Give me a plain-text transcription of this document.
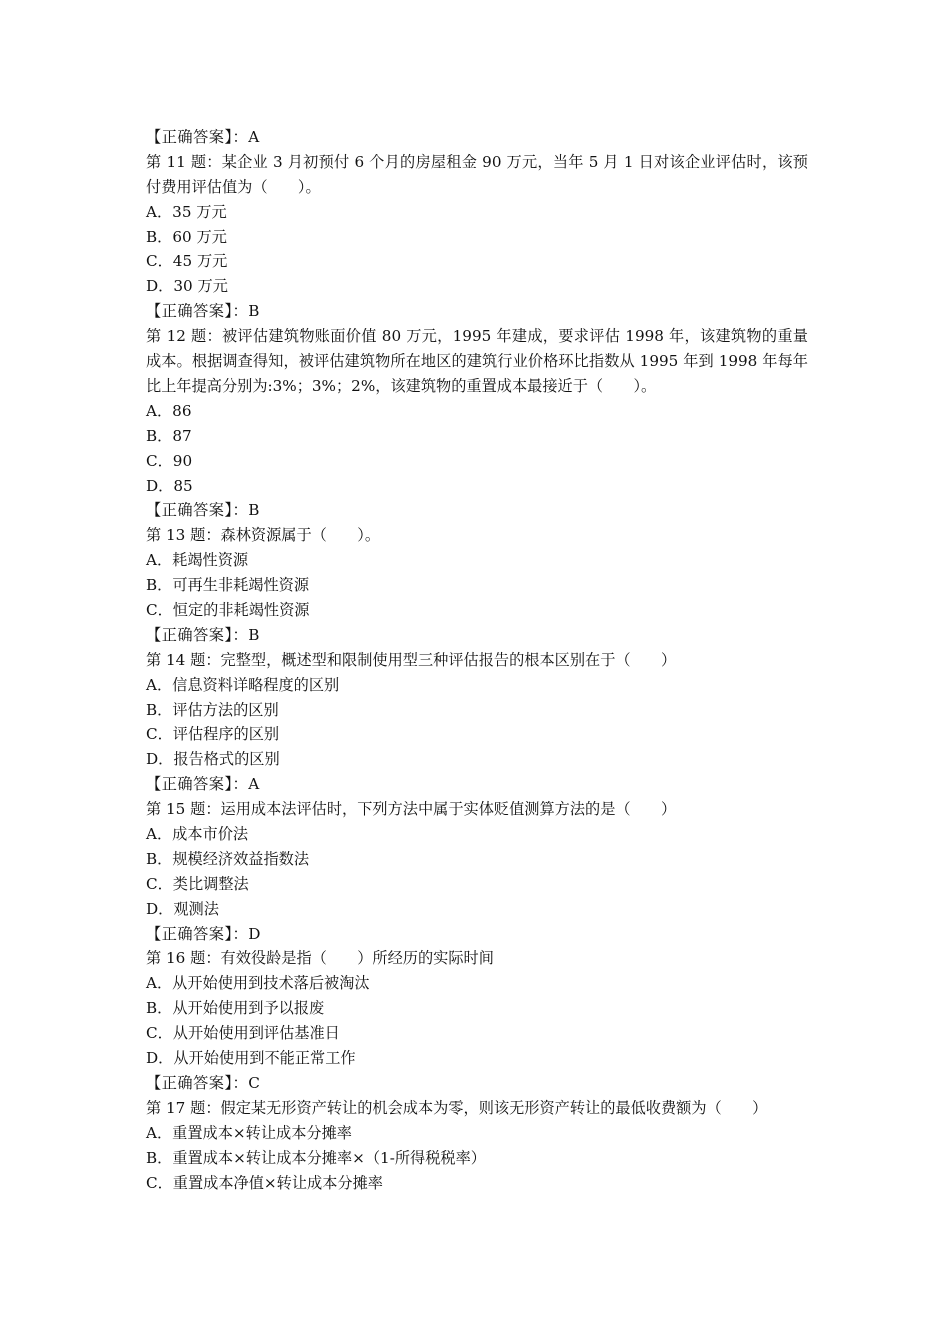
【正确答案】：A
第 11 题：某企业 3 月初预付 6 个月的房屋租金 90 万元，当年 5 月 1 日对该企业评估时，该预付费用评估值为（　　）。
A．35 万元
B．60 万元
C．45 万元
D．30 万元
【正确答案】：B
第 12 题：被评估建筑物账面价值 80 万元，1995 年建成，要求评估 1998 年，该建筑物的重量成本。根据调查得知，被评估建筑物所在地区的建筑行业价格环比指数从 1995 年到 1998 年每年比上年提高分别为:3%；3%；2%，该建筑物的重置成本最接近于（　　）。
A．86
B．87
C．90
D．85
【正确答案】：B
第 13 题：森林资源属于（　　）。
A．耗竭性资源
B．可再生非耗竭性资源
C．恒定的非耗竭性资源
【正确答案】：B
第 14 题：完整型，概述型和限制使用型三种评估报告的根本区别在于（　　）
A．信息资料详略程度的区别
B．评估方法的区别
C．评估程序的区别
D．报告格式的区别
【正确答案】：A
第 15 题：运用成本法评估时，下列方法中属于实体贬值测算方法的是（　　）
A．成本市价法
B．规模经济效益指数法
C．类比调整法
D．观测法
【正确答案】：D
第 16 题：有效役龄是指（　　）所经历的实际时间
A．从开始使用到技术落后被淘汰
B．从开始使用到予以报废
C．从开始使用到评估基准日
D．从开始使用到不能正常工作
【正确答案】：C
第 17 题：假定某无形资产转让的机会成本为零，则该无形资产转让的最低收费额为（　　）
A．重置成本×转让成本分摊率
B．重置成本×转让成本分摊率×（1-所得税税率）
C．重置成本净值×转让成本分摊率
